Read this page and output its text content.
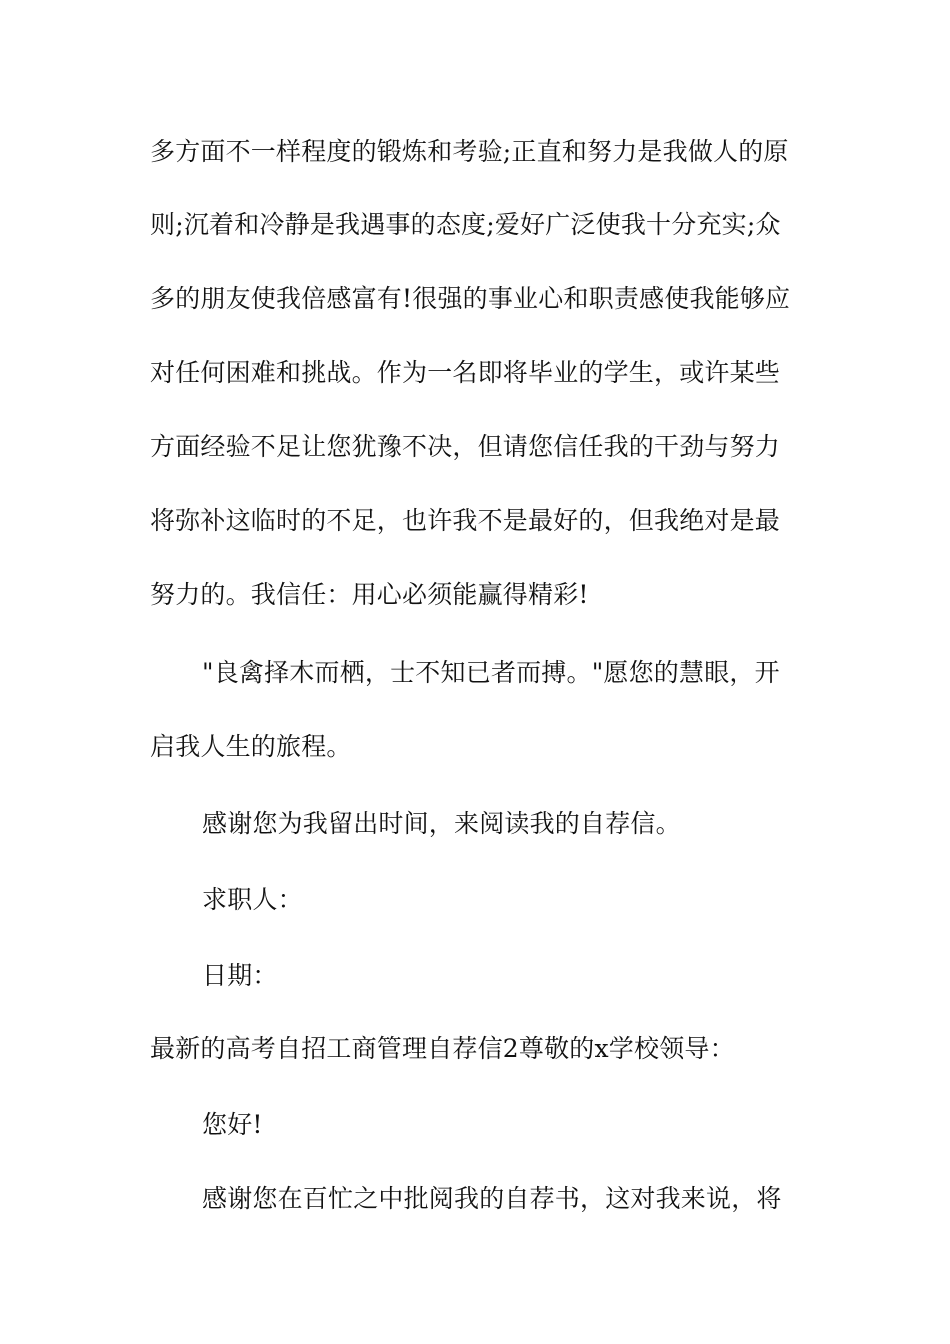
多方面不一样程度的锻炼和考验;正直和努力是我做人的原
则;沉着和冷静是我遇事的态度;爱好广泛使我十分充实;众
多的朋友使我倍感富有!很强的事业心和职责感使我能够应
对任何困难和挑战。作为一名即将毕业的学生，或许某些
方面经验不足让您犹豫不决，但请您信任我的干劲与努力
将弥补这临时的不足，也许我不是最好的，但我绝对是最
努力的。我信任：用心必须能赢得精彩!
"良禽择木而栖，士不知已者而搏。"愿您的慧眼，开
启我人生的旅程。
感谢您为我留出时间，来阅读我的自荐信。
求职人：
日期：
最新的高考自招工商管理自荐信2尊敬的x学校领导：
您好!
感谢您在百忙之中批阅我的自荐书，这对我来说，将
